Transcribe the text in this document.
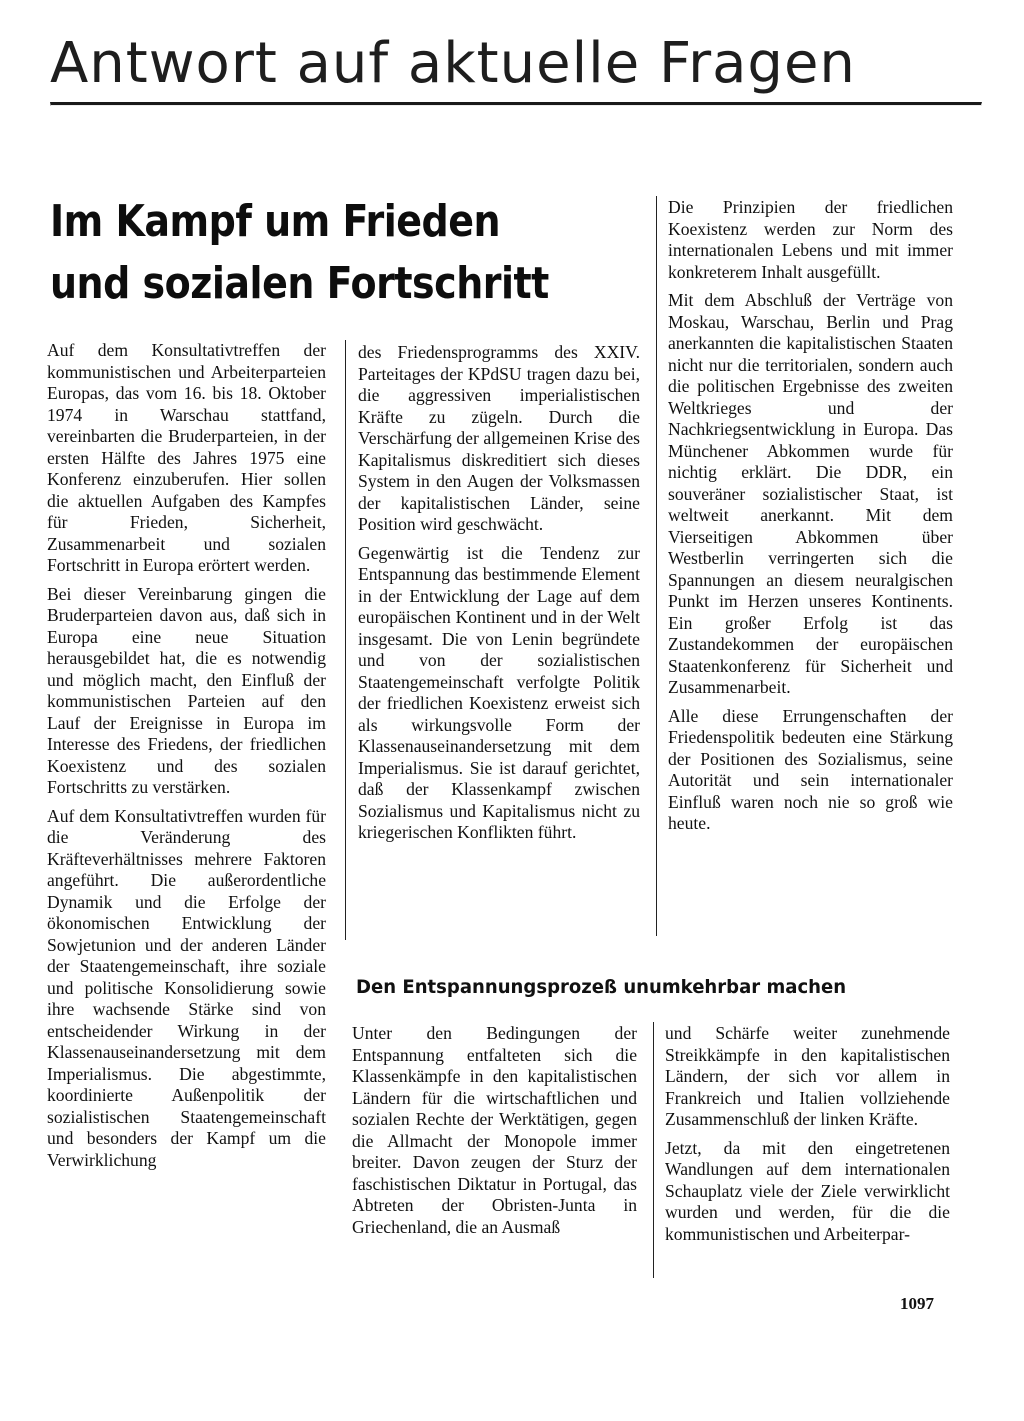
Antwort auf aktuelle Fragen
Im Kampf um Frieden
und sozialen Fortschritt

Auf dem Konsultativtreffen der kommunistischen und Arbeiterparteien Europas, das vom 16. bis 18. Oktober 1974 in Warschau stattfand, vereinbarten die Bruderparteien, in der ersten Hälfte des Jahres 1975 eine Konferenz einzuberufen. Hier sollen die aktuellen Aufgaben des Kampfes für Frieden, Sicherheit, Zusammenarbeit und sozialen Fortschritt in Europa erörtert werden.

Bei dieser Vereinbarung gingen die Bruderparteien davon aus, daß sich in Europa eine neue Situation herausgebildet hat, die es notwendig und möglich macht, den Einfluß der kommunistischen Parteien auf den Lauf der Ereignisse in Europa im Interesse des Friedens, der friedlichen Koexistenz und des sozialen Fortschritts zu verstärken.

Auf dem Konsultativtreffen wurden für die Veränderung des Kräfteverhältnisses mehrere Faktoren angeführt. Die außerordentliche Dynamik und die Erfolge der ökonomischen Entwicklung der Sowjetunion und der anderen Länder der Staatengemeinschaft, ihre soziale und politische Konsolidierung sowie ihre wachsende Stärke sind von entscheidender Wirkung in der Klassenauseinandersetzung mit dem Imperialismus. Die abgestimmte, koordinierte Außenpolitik der sozialistischen Staatengemeinschaft und besonders der Kampf um die Verwirklichung

des Friedensprogramms des XXIV. Parteitages der KPdSU tragen dazu bei, die aggressiven imperialistischen Kräfte zu zügeln. Durch die Verschärfung der allgemeinen Krise des Kapitalismus diskreditiert sich dieses System in den Augen der Volksmassen der kapitalistischen Länder, seine Position wird geschwächt.

Gegenwärtig ist die Tendenz zur Entspannung das bestimmende Element in der Entwicklung der Lage auf dem europäischen Kontinent und in der Welt insgesamt. Die von Lenin begründete und von der sozialistischen Staatengemeinschaft verfolgte Politik der friedlichen Koexistenz erweist sich als wirkungsvolle Form der Klassenauseinandersetzung mit dem Imperialismus. Sie ist darauf gerichtet, daß der Klassenkampf zwischen Sozialismus und Kapitalismus nicht zu kriegerischen Konflikten führt.

Die Prinzipien der friedlichen Koexistenz werden zur Norm des internationalen Lebens und mit immer konkreterem Inhalt ausgefüllt.

Mit dem Abschluß der Verträge von Moskau, Warschau, Berlin und Prag anerkannten die kapitalistischen Staaten nicht nur die territorialen, sondern auch die politischen Ergebnisse des zweiten Weltkrieges und der Nachkriegsentwicklung in Europa. Das Münchener Abkommen wurde für nichtig erklärt. Die DDR, ein souveräner sozialistischer Staat, ist weltweit anerkannt. Mit dem Vierseitigen Abkommen über Westberlin verringerten sich die Spannungen an diesem neuralgischen Punkt im Herzen unseres Kontinents. Ein großer Erfolg ist das Zustandekommen der europäischen Staatenkonferenz für Sicherheit und Zusammenarbeit.

Alle diese Errungenschaften der Friedenspolitik bedeuten eine Stärkung der Positionen des Sozialismus, seine Autorität und sein internationaler Einfluß waren noch nie so groß wie heute.

Den Entspannungsprozeß unumkehrbar machen

Unter den Bedingungen der Entspannung entfalteten sich die Klassenkämpfe in den kapitalistischen Ländern für die wirtschaftlichen und sozialen Rechte der Werktätigen, gegen die Allmacht der Monopole immer breiter. Davon zeugen der Sturz der faschistischen Diktatur in Portugal, das Abtreten der Obristen-Junta in Griechenland, die an Ausmaß

und Schärfe weiter zunehmende Streikkämpfe in den kapitalistischen Ländern, der sich vor allem in Frankreich und Italien vollziehende Zusammenschluß der linken Kräfte.

Jetzt, da mit den eingetretenen Wandlungen auf dem internationalen Schauplatz viele der Ziele verwirklicht wurden und werden, für die die kommunistischen und Arbeiterpar-

1097
